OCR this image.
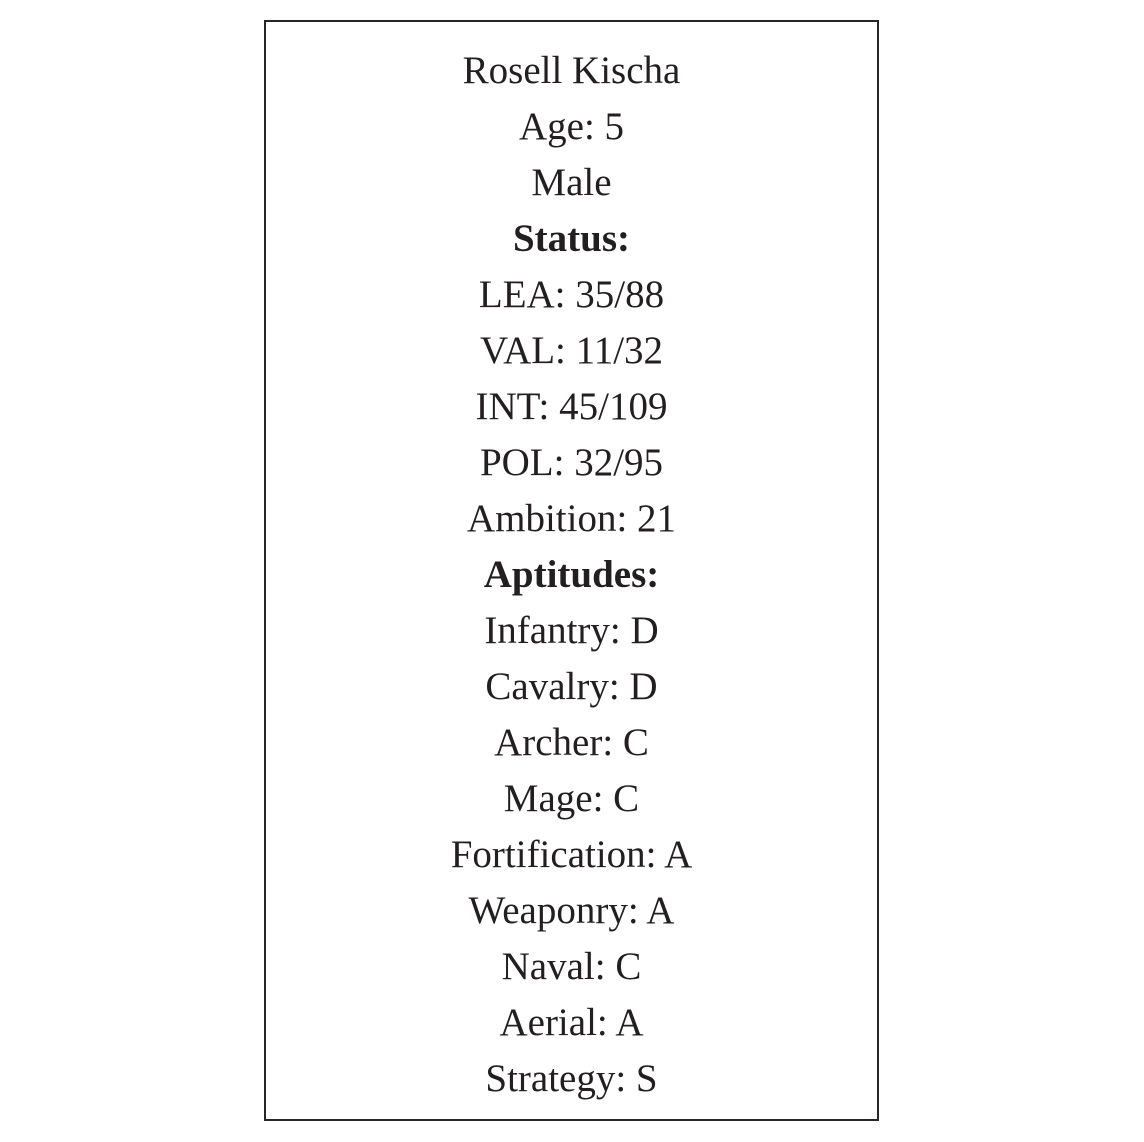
Rosell Kischa
Age: 5
Male
Status:
LEA: 35/88
VAL: 11/32
INT: 45/109
POL: 32/95
Ambition: 21
Aptitudes:
Infantry: D
Cavalry: D
Archer: C
Mage: C
Fortification: A
Weaponry: A
Naval: C
Aerial: A
Strategy: S
